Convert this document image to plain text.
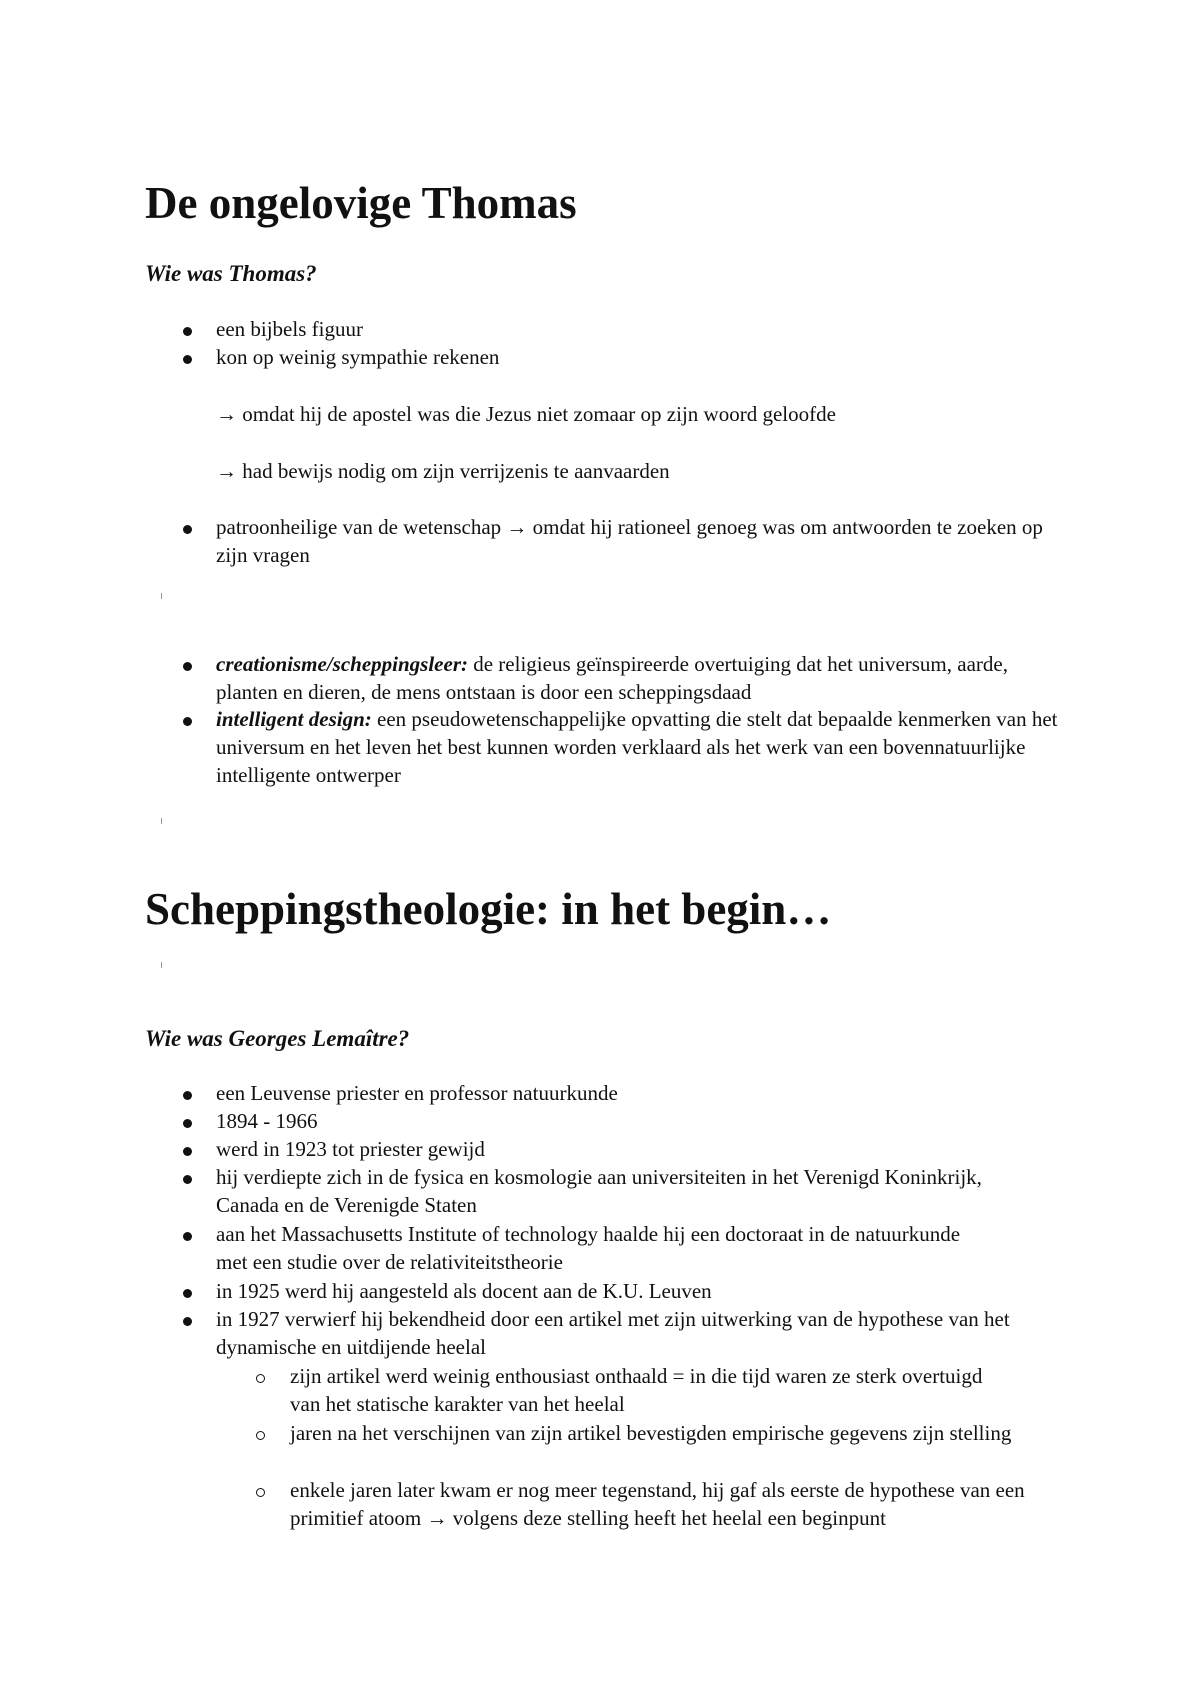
De ongelovige Thomas
Wie was Thomas?
een bijbels figuur
kon op weinig sympathie rekenen
→ omdat hij de apostel was die Jezus niet zomaar op zijn woord geloofde
→ had bewijs nodig om zijn verrijzenis te aanvaarden
patroonheilige van de wetenschap → omdat hij rationeel genoeg was om antwoorden te zoeken op zijn vragen
creationisme/scheppingsleer: de religieus geïnspireerde overtuiging dat het universum, aarde, planten en dieren, de mens ontstaan is door een scheppingsdaad
intelligent design: een pseudowetenschappelijke opvatting die stelt dat bepaalde kenmerken van het universum en het leven het best kunnen worden verklaard als het werk van een bovennatuurlijke intelligente ontwerper
Scheppingstheologie: in het begin…
Wie was Georges Lemaître?
een Leuvense priester en professor natuurkunde
1894 - 1966
werd in 1923 tot priester gewijd
hij verdiepte zich in de fysica en kosmologie aan universiteiten in het Verenigd Koninkrijk, Canada en de Verenigde Staten
aan het Massachusetts Institute of technology haalde hij een doctoraat in de natuurkunde met een studie over de relativiteitstheorie
in 1925 werd hij aangesteld als docent aan de K.U. Leuven
in 1927 verwierf hij bekendheid door een artikel met zijn uitwerking van de hypothese van het dynamische en uitdijende heelal
zijn artikel werd weinig enthousiast onthaald = in die tijd waren ze sterk overtuigd van het statische karakter van het heelal
jaren na het verschijnen van zijn artikel bevestigden empirische gegevens zijn stelling
enkele jaren later kwam er nog meer tegenstand, hij gaf als eerste de hypothese van een primitief atoom → volgens deze stelling heeft het heelal een beginpunt
